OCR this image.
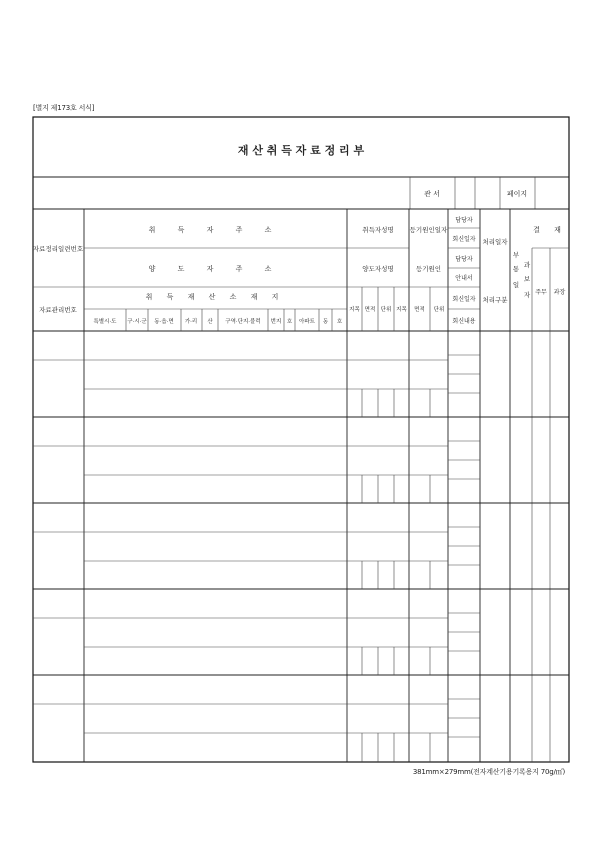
[별지 제173호 서식]
재 산 취 득 자 료 정 리 부
관 서	페이지
자료정리일련번호
자료관리번호
취 득 자 주 소
양 도 자 주 소
취 득 재 산 소 재 지
특별시·도 구·시·군 동·읍·면 가·리 산 구역·단지·블럭 번지 호 아파트 동 호
취득자성명
양도자성명
지목 면적 단위 지목
등기원인일자
등기원인
면적 단위
담당자
회신일자
담당자
안내서
회신일자
회신내용
처리일자
처리구분
부
과
통
보
일
자
결 재
주무 과장
381mm×279mm(전자계산기용기록용지 70g/㎡)
